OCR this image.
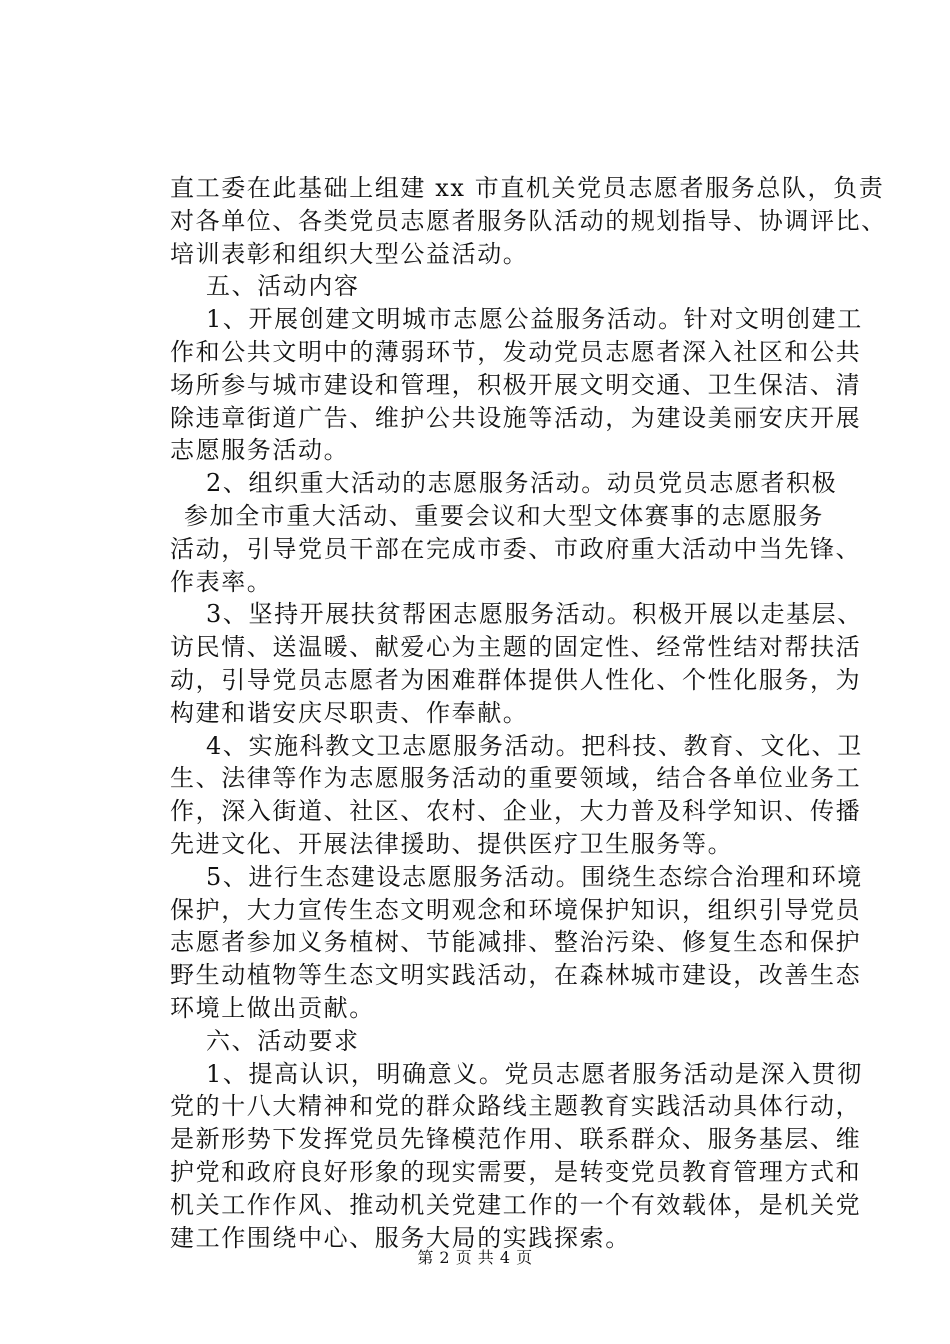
直工委在此基础上组建 xx 市直机关党员志愿者服务总队，负责
对各单位、各类党员志愿者服务队活动的规划指导、协调评比、
培训表彰和组织大型公益活动。
五、活动内容
1、开展创建文明城市志愿公益服务活动。针对文明创建工
作和公共文明中的薄弱环节，发动党员志愿者深入社区和公共
场所参与城市建设和管理，积极开展文明交通、卫生保洁、清
除违章街道广告、维护公共设施等活动，为建设美丽安庆开展
志愿服务活动。
2、组织重大活动的志愿服务活动。动员党员志愿者积极
参加全市重大活动、重要会议和大型文体赛事的志愿服务
活动，引导党员干部在完成市委、市政府重大活动中当先锋、
作表率。
3、坚持开展扶贫帮困志愿服务活动。积极开展以走基层、
访民情、送温暖、献爱心为主题的固定性、经常性结对帮扶活
动，引导党员志愿者为困难群体提供人性化、个性化服务，为
构建和谐安庆尽职责、作奉献。
4、实施科教文卫志愿服务活动。把科技、教育、文化、卫
生、法律等作为志愿服务活动的重要领域，结合各单位业务工
作，深入街道、社区、农村、企业，大力普及科学知识、传播
先进文化、开展法律援助、提供医疗卫生服务等。
5、进行生态建设志愿服务活动。围绕生态综合治理和环境
保护，大力宣传生态文明观念和环境保护知识，组织引导党员
志愿者参加义务植树、节能减排、整治污染、修复生态和保护
野生动植物等生态文明实践活动，在森林城市建设，改善生态
环境上做出贡献。
六、活动要求
1、提高认识，明确意义。党员志愿者服务活动是深入贯彻
党的十八大精神和党的群众路线主题教育实践活动具体行动，
是新形势下发挥党员先锋模范作用、联系群众、服务基层、维
护党和政府良好形象的现实需要，是转变党员教育管理方式和
机关工作作风、推动机关党建工作的一个有效载体，是机关党
建工作围绕中心、服务大局的实践探索。
第 2 页 共 4 页
